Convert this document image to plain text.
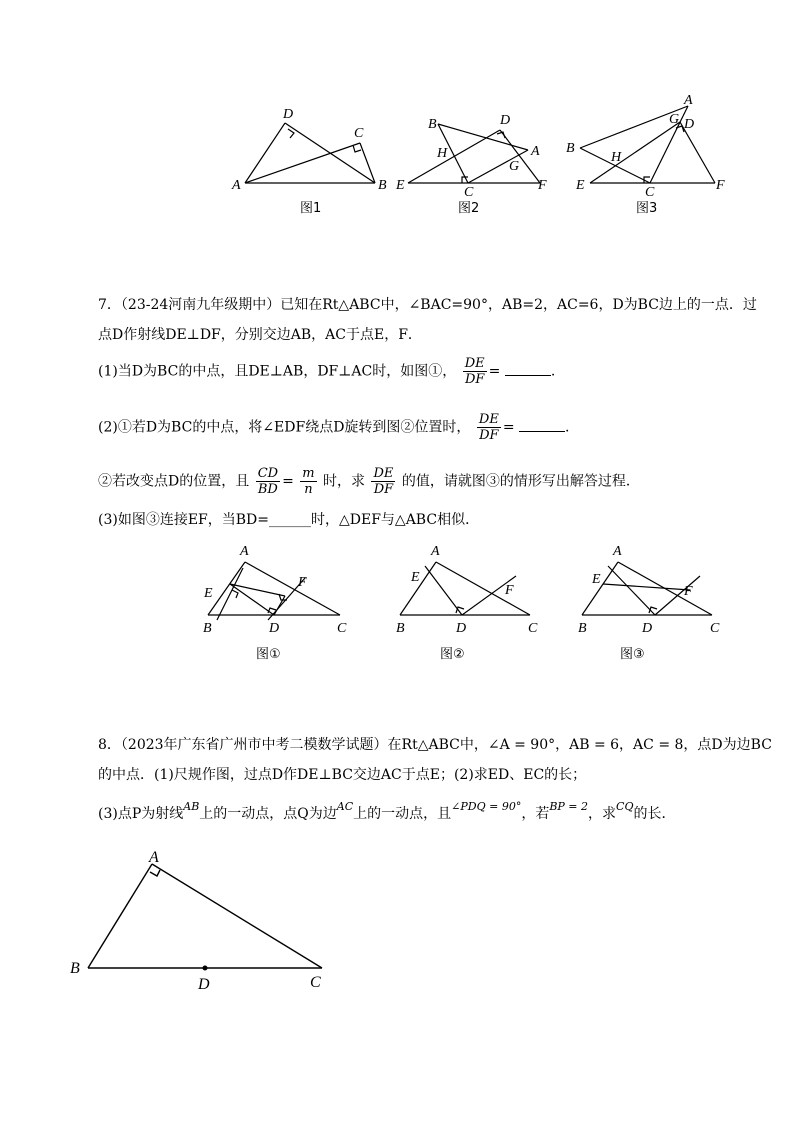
A
D
C
B
图1
B	D
A
H
G
E	C	F
图2
A
G D
B
H
E	C	F
图3
7．（23-24河南九年级期中）已知在Rt△ABC中，∠BAC=90°，AB=2，AC=6，D为BC边上的一点．过
点D作射线DE⊥DF，分别交边AB，AC于点E，F．
(1)当D为BC的中点，且DE⊥AB，DF⊥AC时，如图①， $\frac{DE}{DF}$ =	.
(2)①若D为BC的中点，将∠EDF绕点D旋转到图②位置时， $\frac{DE}{DF}$ =	.
②若改变点D的位置，且 $\frac{CD}{BD} = \frac{m}{n}$ 时，求 $\frac{DE}{DF}$ 的值，请就图③的情形写出解答过程．
(3)如图③连接EF，当BD=______时，△DEF与△ABC相似．
A
E
F
B	D	C
图①
A
E
F
B	D	C
图②
A
E
F
B	D	C
图③
8．（2023年广东省广州市中考二模数学试题）在Rt△ABC中，∠A = 90°，AB = 6，AC = 8，点D为边BC
的中点．(1)尺规作图，过点D作DE⊥BC交边AC于点E；(2)求ED、EC的长；
(3)点P为射线$^{AB}$上的一动点，点Q为边$^{AC}$上的一动点，且$^{\angle PDQ = 90^\circ}$，若$^{BP = 2}$，求$^{CQ}$的长．
A
B
D	C
